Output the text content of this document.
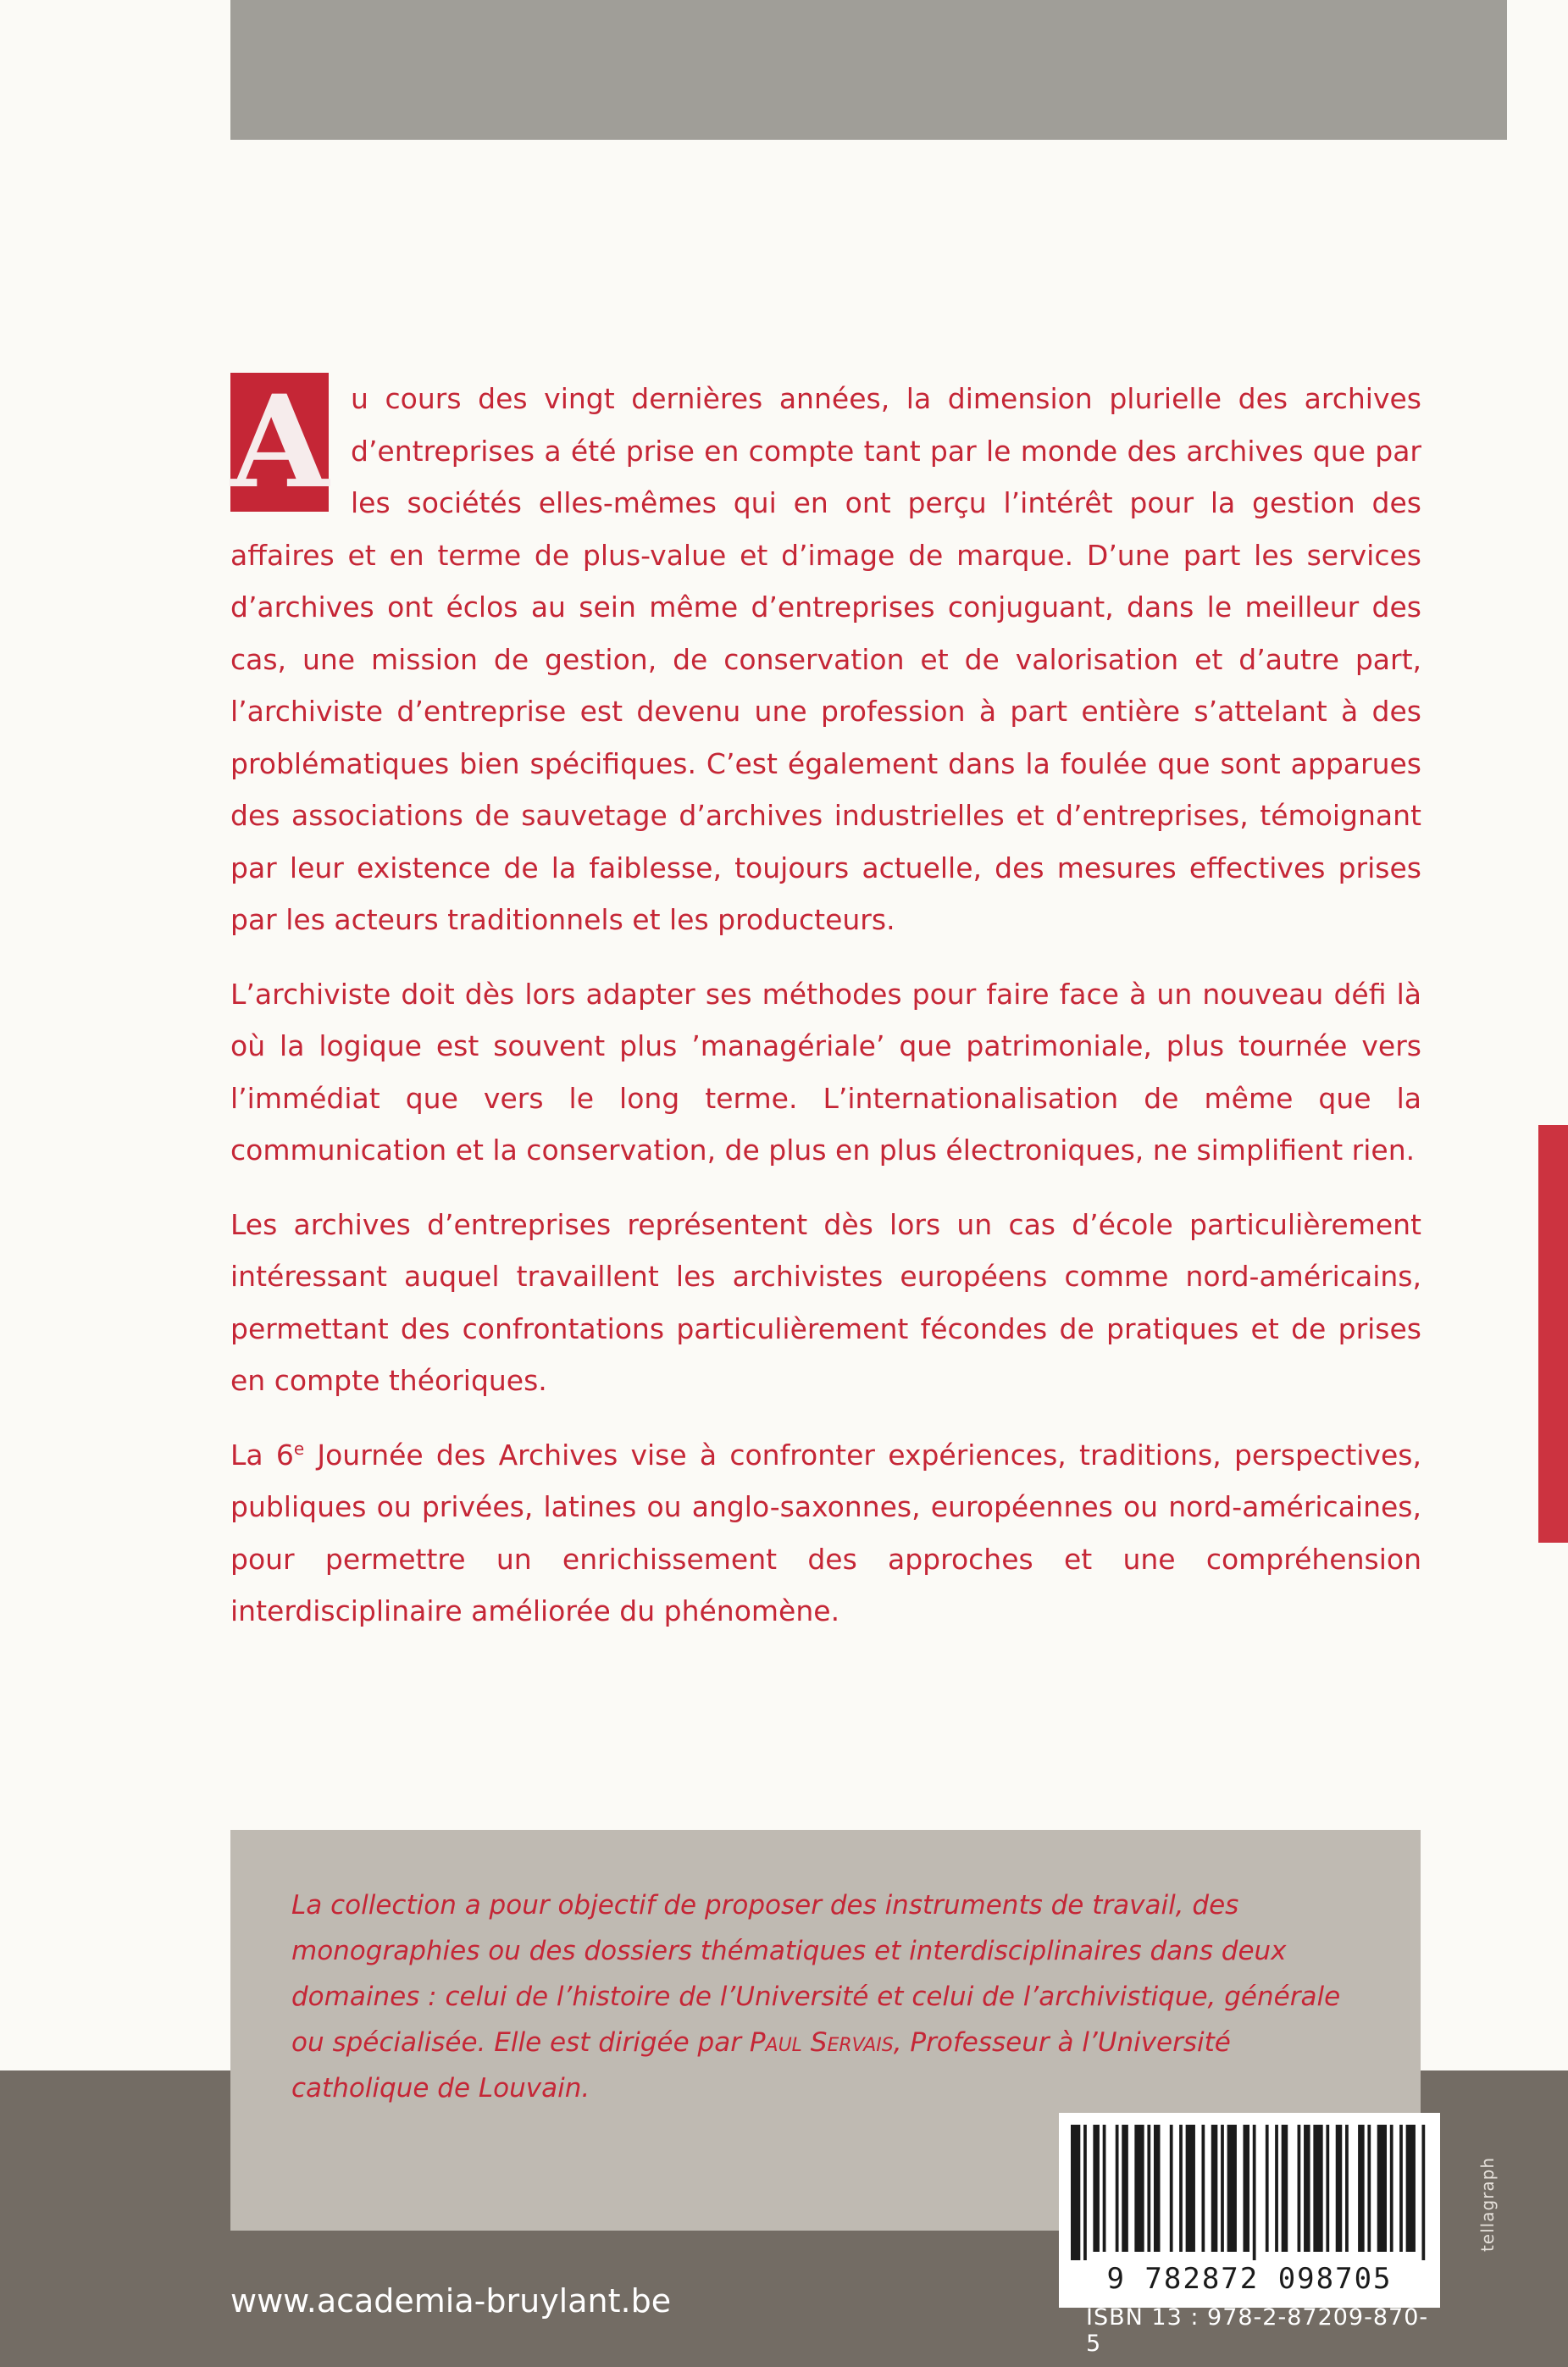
A u cours des vingt dernières années, la dimension plurielle des archives d’entreprises a été prise en compte tant par le monde des archives que par les sociétés elles-mêmes qui en ont perçu l’intérêt pour la gestion des affaires et en terme de plus-value et d’image de marque. D’une part les services d’archives ont éclos au sein même d’entreprises conjuguant, dans le meilleur des cas, une mission de gestion, de conservation et de valorisation et d’autre part, l’archiviste d’entreprise est devenu une profession à part entière s’attelant à des problématiques bien spécifiques. C’est également dans la foulée que sont apparues des associations de sauvetage d’archives industrielles et d’entreprises, témoignant par leur existence de la faiblesse, toujours actuelle, des mesures effectives prises par les acteurs traditionnels et les producteurs.

L’archiviste doit dès lors adapter ses méthodes pour faire face à un nouveau défi là où la logique est souvent plus ’managériale’ que patrimoniale, plus tournée vers l’immédiat que vers le long terme. L’internationalisation de même que la communication et la conservation, de plus en plus électroniques, ne simplifient rien.

Les archives d’entreprises représentent dès lors un cas d’école particulièrement intéressant auquel travaillent les archivistes européens comme nord-américains, permettant des confrontations particulièrement fécondes de pratiques et de prises en compte théoriques.

La 6e Journée des Archives vise à confronter expériences, traditions, perspectives, publiques ou privées, latines ou anglo-saxonnes, européennes ou nord-américaines, pour permettre un enrichissement des approches et une compréhension interdisciplinaire améliorée du phénomène.

La collection a pour objectif de proposer des instruments de travail, des monographies ou des dossiers thématiques et interdisciplinaires dans deux domaines : celui de l’histoire de l’Université et celui de l’archivistique, générale ou spécialisée. Elle est dirigée par Paul Servais, Professeur à l’Université catholique de Louvain.
9 782872 098705
ISBN 13 : 978-2-87209-870-5
www.academia-bruylant.be
tellagraph
